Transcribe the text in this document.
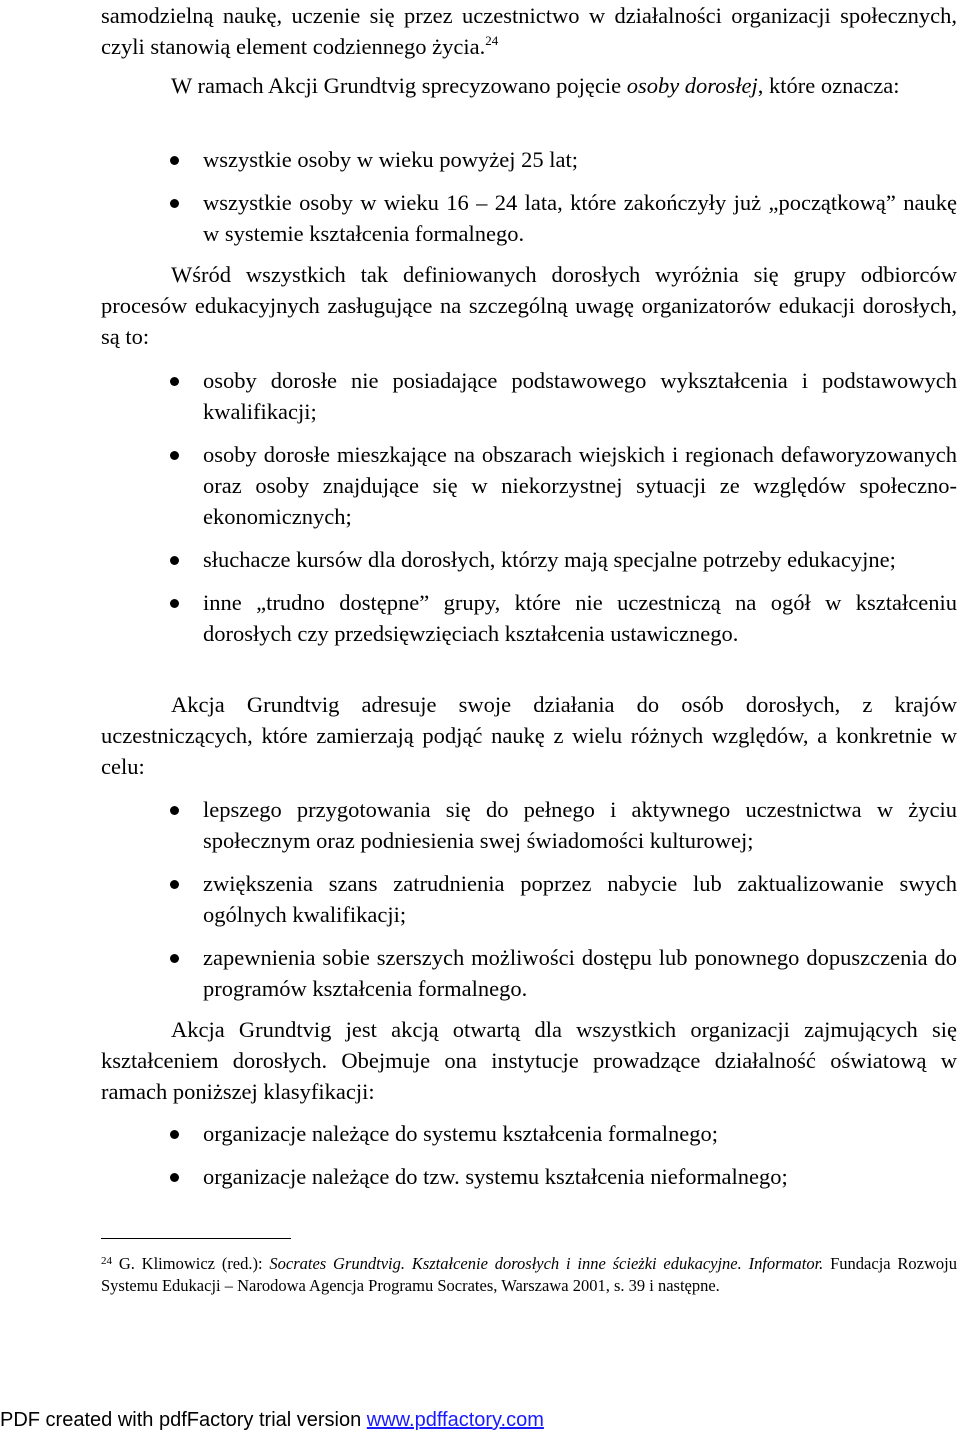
samodzielną naukę, uczenie się przez uczestnictwo w działalności organizacji społecznych, czyli stanowią element codziennego życia.$^{24}$

W ramach Akcji Grundtvig sprecyzowano pojęcie osoby dorosłej, które oznacza:

wszystkie osoby w wieku powyżej 25 lat;
wszystkie osoby w wieku 16 – 24 lata, które zakończyły już „początkową” naukę w systemie kształcenia formalnego.

Wśród wszystkich tak definiowanych dorosłych wyróżnia się grupy odbiorców procesów edukacyjnych zasługujące na szczególną uwagę organizatorów edukacji dorosłych, są to:

osoby dorosłe nie posiadające podstawowego wykształcenia i podstawowych kwalifikacji;
osoby dorosłe mieszkające na obszarach wiejskich i regionach defaworyzowanych oraz osoby znajdujące się w niekorzystnej sytuacji ze względów społeczno-ekonomicznych;
słuchacze kursów dla dorosłych, którzy mają specjalne potrzeby edukacyjne;
inne „trudno dostępne” grupy, które nie uczestniczą na ogół w kształceniu dorosłych czy przedsięwzięciach kształcenia ustawicznego.

Akcja Grundtvig adresuje swoje działania do osób dorosłych, z krajów uczestniczących, które zamierzają podjąć naukę z wielu różnych względów, a konkretnie w celu:

lepszego przygotowania się do pełnego i aktywnego uczestnictwa w życiu społecznym oraz podniesienia swej świadomości kulturowej;
zwiększenia szans zatrudnienia poprzez nabycie lub zaktualizowanie swych ogólnych kwalifikacji;
zapewnienia sobie szerszych możliwości dostępu lub ponownego dopuszczenia do programów kształcenia formalnego.

Akcja Grundtvig jest akcją otwartą dla wszystkich organizacji zajmujących się kształceniem dorosłych. Obejmuje ona instytucje prowadzące działalność oświatową w ramach poniższej klasyfikacji:

organizacje należące do systemu kształcenia formalnego;
organizacje należące do tzw. systemu kształcenia nieformalnego;

$^{24}$ G. Klimowicz (red.): Socrates Grundtvig. Kształcenie dorosłych i inne ścieżki edukacyjne. Informator. Fundacja Rozwoju Systemu Edukacji – Narodowa Agencja Programu Socrates, Warszawa 2001, s. 39 i następne.

PDF created with pdfFactory trial version www.pdffactory.com
